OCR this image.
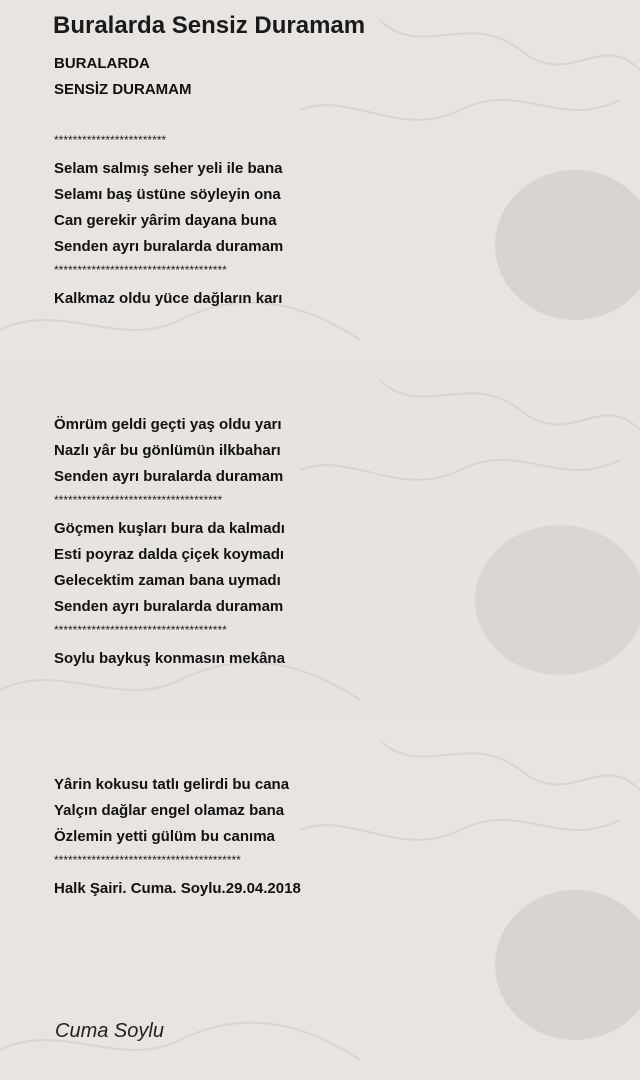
Buralarda Sensiz Duramam
BURALARDA
SENSİZ DURAMAM
************************
Selam salmış seher yeli ile bana
Selamı baş üstüne söyleyin ona
Can gerekir yârim dayana buna
Senden ayrı buralarda duramam
*************************************
Kalkmaz oldu yüce dağların karı
Ömrüm geldi geçti yaş oldu yarı
Nazlı yâr bu gönlümün ilkbaharı
Senden ayrı buralarda duramam
************************************
Göçmen kuşları bura da kalmadı
Esti poyraz dalda çiçek koymadı
Gelecektim zaman bana uymadı
Senden ayrı buralarda duramam
*************************************
Soylu baykuş konmasın mekâna
Yârin kokusu tatlı gelirdi bu cana
Yalçın dağlar engel olamaz bana
Özlemin yetti gülüm bu canıma
****************************************
Halk Şairi. Cuma. Soylu.29.04.2018
Cuma Soylu
